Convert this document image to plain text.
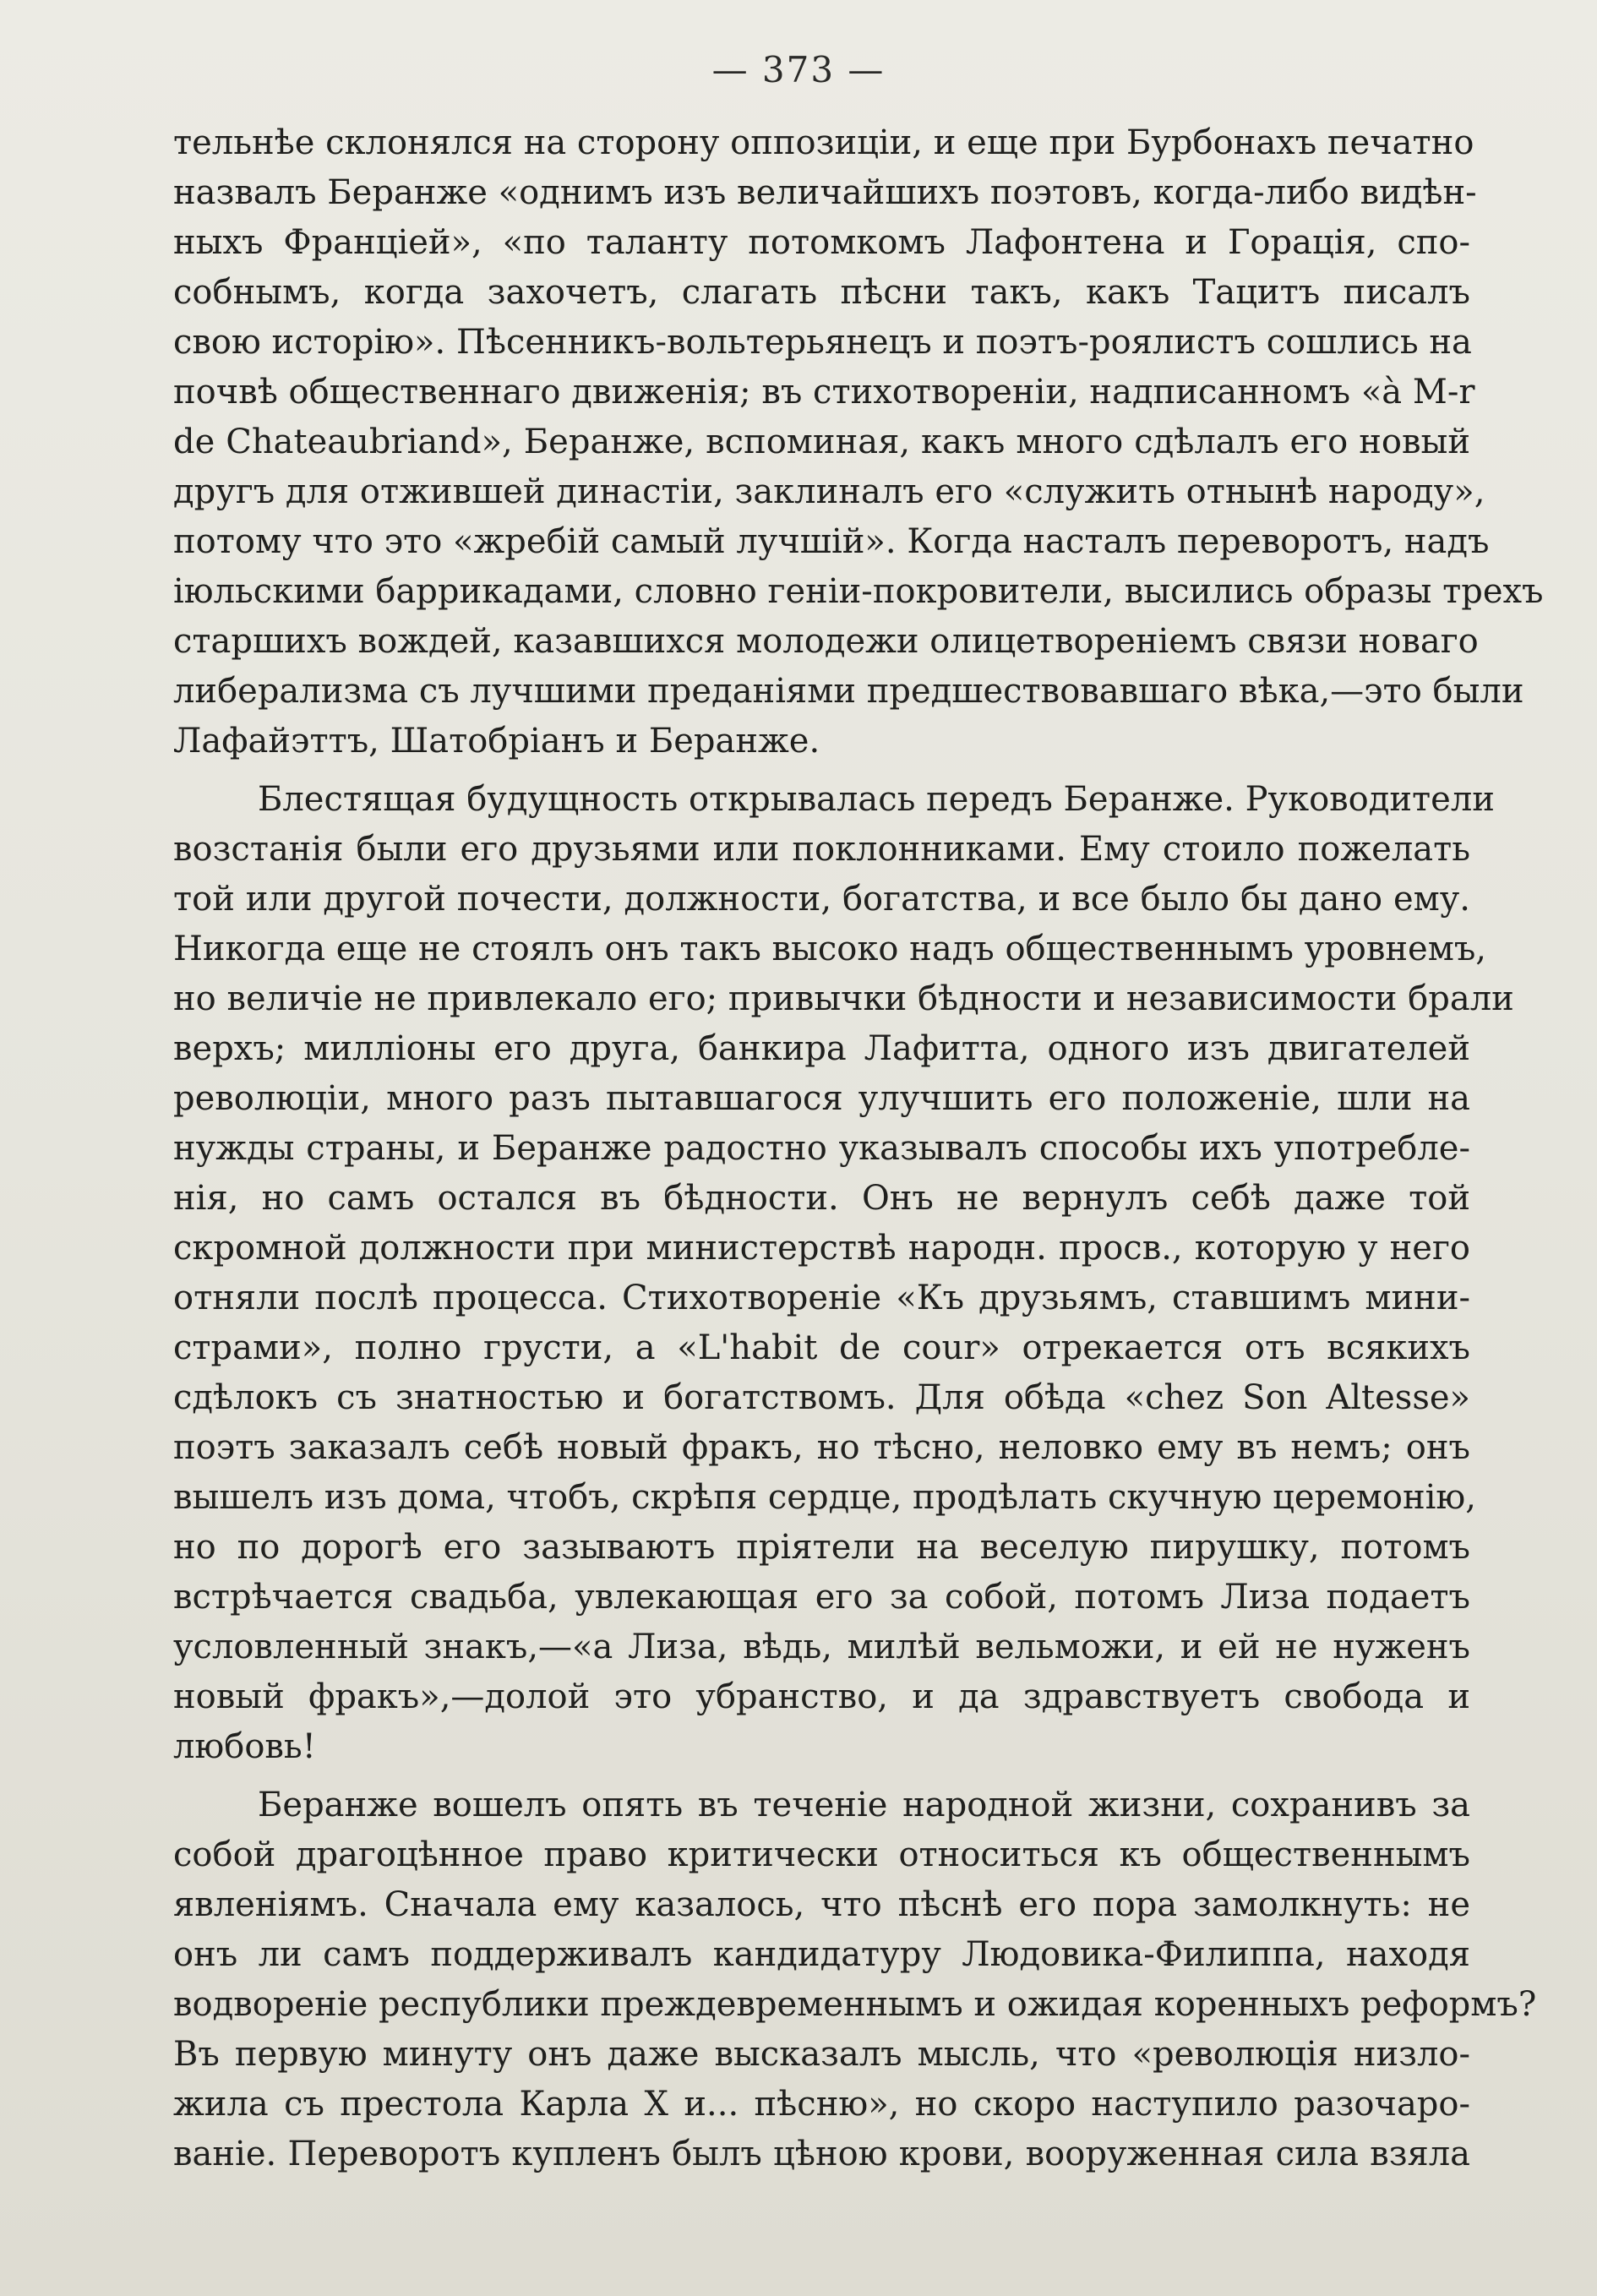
— 373 —
тельнѣе склонялся на сторону оппозиціи, и еще при Бурбонахъ печатно
назвалъ Беранже «однимъ изъ величайшихъ поэтовъ, когда-либо видѣн-
ныхъ Франціей», «по таланту потомкомъ Лафонтена и Горація, спо-
собнымъ, когда захочетъ, слагать пѣсни такъ, какъ Тацитъ писалъ
свою исторію». Пѣсенникъ-вольтерьянецъ и поэтъ-роялистъ сошлись на
почвѣ общественнаго движенія; въ стихотвореніи, надписанномъ «à M-r
de Chateaubriand», Беранже, вспоминая, какъ много сдѣлалъ его новый
другъ для отжившей династіи, заклиналъ его «служить отнынѣ народу»,
потому что это «жребій самый лучшій». Когда насталъ переворотъ, надъ
іюльскими баррикадами, словно геніи-покровители, высились образы трехъ
старшихъ вождей, казавшихся молодежи олицетвореніемъ связи новаго
либерализма съ лучшими преданіями предшествовавшаго вѣка,—это были
Лафайэттъ, Шатобріанъ и Беранже.
Блестящая будущность открывалась передъ Беранже. Руководители
возстанія были его друзьями или поклонниками. Ему стоило пожелать
той или другой почести, должности, богатства, и все было бы дано ему.
Никогда еще не стоялъ онъ такъ высоко надъ общественнымъ уровнемъ,
но величіе не привлекало его; привычки бѣдности и независимости брали
верхъ; милліоны его друга, банкира Лафитта, одного изъ двигателей
революціи, много разъ пытавшагося улучшить его положеніе, шли на
нужды страны, и Беранже радостно указывалъ способы ихъ употребле-
нія, но самъ остался въ бѣдности. Онъ не вернулъ себѣ даже той
скромной должности при министерствѣ народн. просв., которую у него
отняли послѣ процесса. Стихотвореніе «Къ друзьямъ, ставшимъ мини-
страми», полно грусти, а «L'habit de cour» отрекается отъ всякихъ
сдѣлокъ съ знатностью и богатствомъ. Для обѣда «chez Son Altesse»
поэтъ заказалъ себѣ новый фракъ, но тѣсно, неловко ему въ немъ; онъ
вышелъ изъ дома, чтобъ, скрѣпя сердце, продѣлать скучную церемонію,
но по дорогѣ его зазываютъ пріятели на веселую пирушку, потомъ
встрѣчается свадьба, увлекающая его за собой, потомъ Лиза подаетъ
условленный знакъ,—«а Лиза, вѣдь, милѣй вельможи, и ей не нуженъ
новый фракъ»,—долой это убранство, и да здравствуетъ свобода и
любовь!
Беранже вошелъ опять въ теченіе народной жизни, сохранивъ за
собой драгоцѣнное право критически относиться къ общественнымъ
явленіямъ. Сначала ему казалось, что пѣснѣ его пора замолкнуть: не
онъ ли самъ поддерживалъ кандидатуру Людовика-Филиппа, находя
водвореніе республики преждевременнымъ и ожидая коренныхъ реформъ?
Въ первую минуту онъ даже высказалъ мысль, что «революція низло-
жила съ престола Карла X и... пѣсню», но скоро наступило разочаро-
ваніе. Переворотъ купленъ былъ цѣною крови, вооруженная сила взяла
